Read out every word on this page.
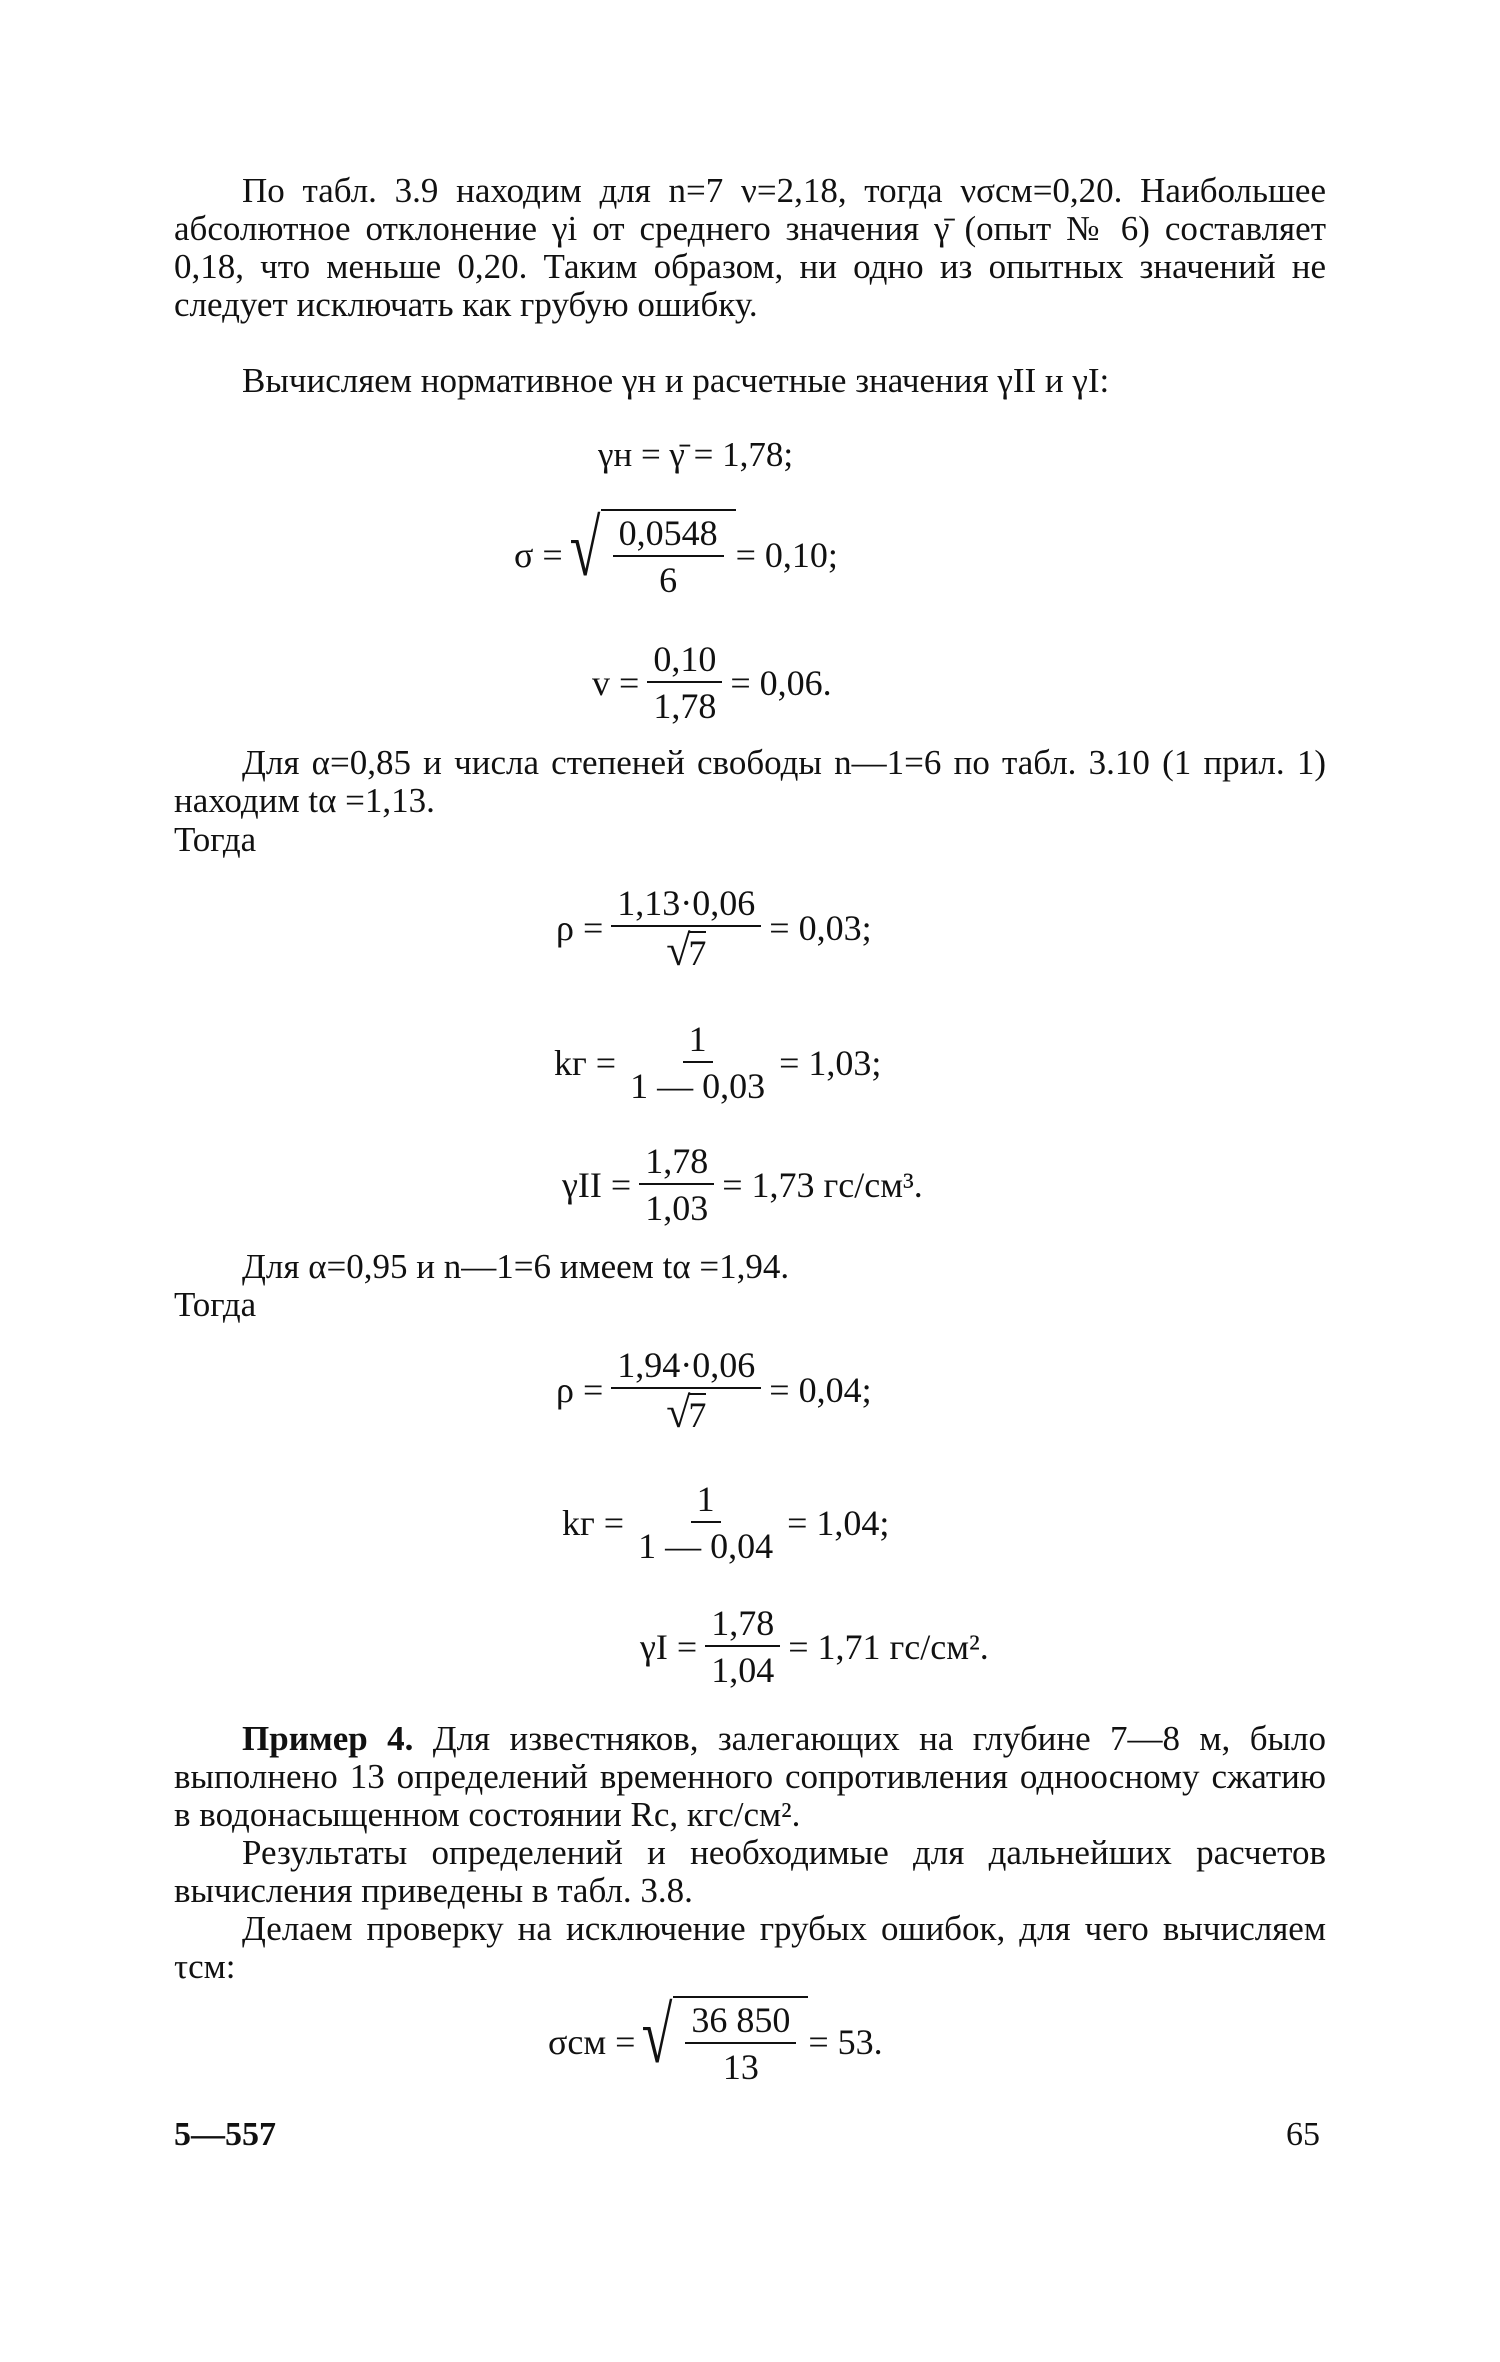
По табл. 3.9 находим для n=7 ν=2,18, тогда νσсм=0,20. Наибольшее абсолютное отклонение γi от среднего значения γ̄ (опыт № 6) составляет 0,18, что меньше 0,20. Таким образом, ни одно из опытных значений не следует исключать как грубую ошибку.

Вычисляем нормативное γн и расчетные значения γII и γI:

γн = γ̄ = 1,78;
σ = √ $\frac{0,0548}{6} = 0,10$;
$v = \frac{0,10}{1,78} = 0,06$.

Для α=0,85 и числа степеней свободы n—1=6 по табл. 3.10 (1 прил. 1) находим tα =1,13.

Тогда
$\rho = \frac{1,13\cdot 0,06}{√7} = 0,03$;
kг = $\frac{1}{1 — 0,03} = 1,03$;
$\gamma II = \frac{1,78}{1,03} = 1,73$ гс/см³.

Для α=0,95 и n—1=6 имеем tα =1,94.

Тогда
$\rho = \frac{1,94\cdot 0,06}{√7} = 0,04$;
kг = $\frac{1}{1 — 0,04} = 1,04$;
$\gamma I = \frac{1,78}{1,04} = 1,71$ гс/см².

Пример 4. Для известняков, залегающих на глубине 7—8 м, было выполнено 13 определений временного сопротивления одноосному сжатию в водонасыщенном состоянии Rс, кгс/см².

Результаты определений и необходимые для дальнейших расчетов вычисления приведены в табл. 3.8.

Делаем проверку на исключение грубых ошибок, для чего вычисляем τсм:

σсм = √ $\frac{36 850}{13} = 53$.
5—557	65
